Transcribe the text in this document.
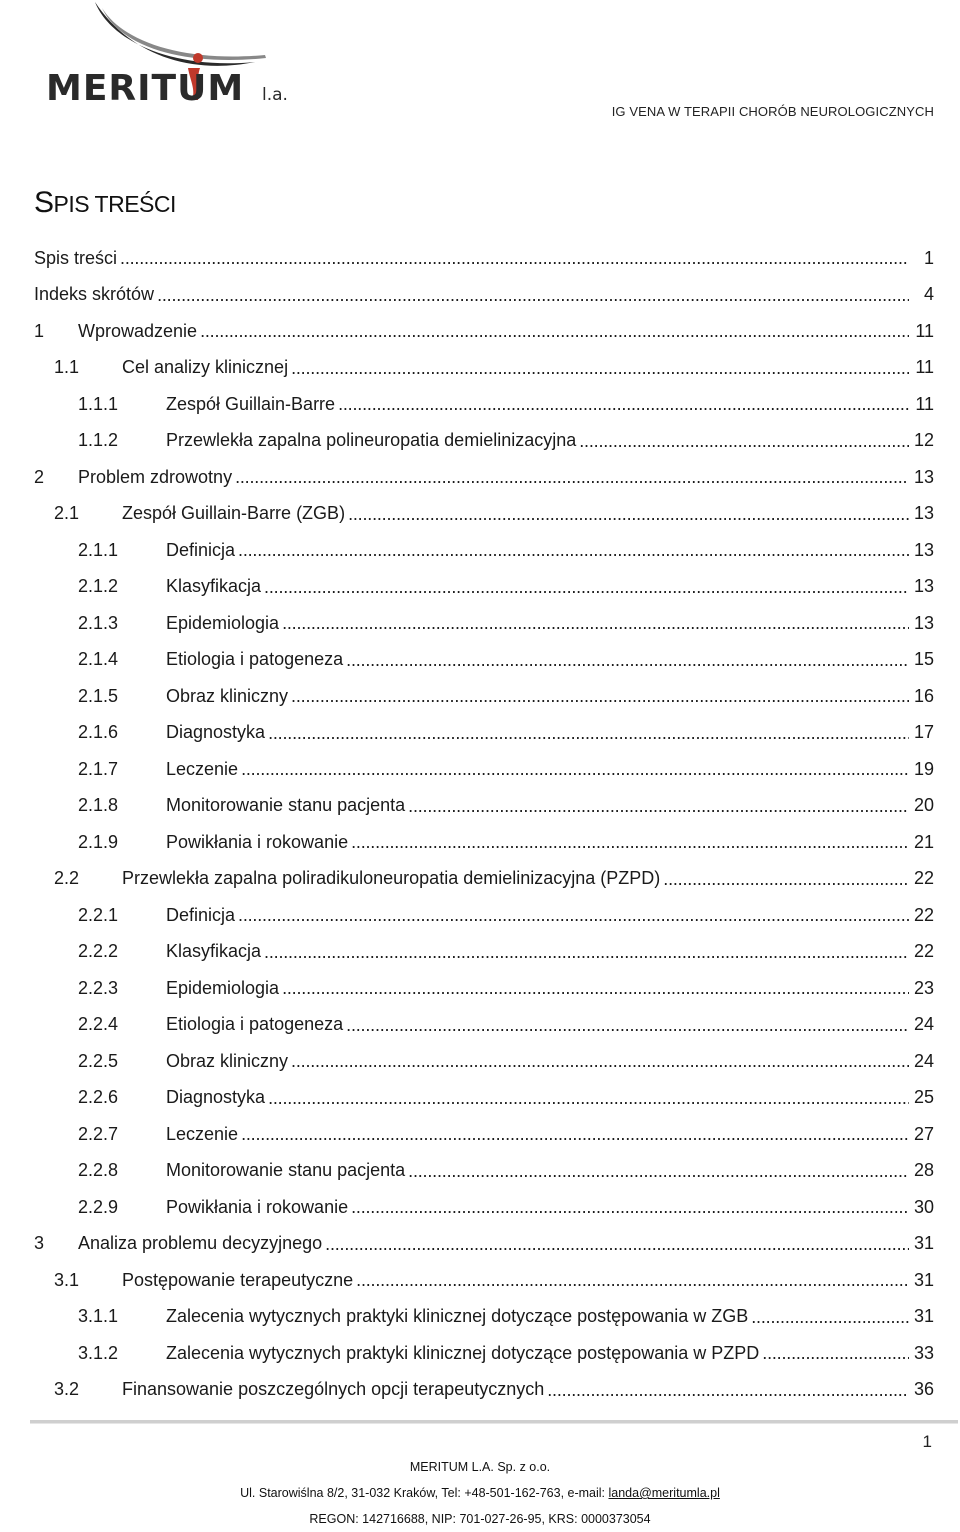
MERITUM l.a.
IG VENA W TERAPII CHORÓB NEUROLOGICZNYCH
SPIS TREŚCI
Spis treści . . .	1
Indeks skrótów . . .	4
1	Wprowadzenie . . .	11
1.1	Cel analizy klinicznej . . .	11
1.1.1	Zespół Guillain-Barre . . .	11
1.1.2	Przewlekła zapalna polineuropatia demielinizacyjna . . .	12
2	Problem zdrowotny . . .	13
2.1	Zespół Guillain-Barre (ZGB) . . .	13
2.1.1	Definicja . . .	13
2.1.2	Klasyfikacja . . .	13
2.1.3	Epidemiologia . . .	13
2.1.4	Etiologia i patogeneza . . .	15
2.1.5	Obraz kliniczny . . .	16
2.1.6	Diagnostyka . . .	17
2.1.7	Leczenie . . .	19
2.1.8	Monitorowanie stanu pacjenta . . .	20
2.1.9	Powikłania i rokowanie . . .	21
2.2	Przewlekła zapalna poliradikuloneuropatia demielinizacyjna (PZPD) . . .	22
2.2.1	Definicja . . .	22
2.2.2	Klasyfikacja . . .	22
2.2.3	Epidemiologia . . .	23
2.2.4	Etiologia i patogeneza . . .	24
2.2.5	Obraz kliniczny . . .	24
2.2.6	Diagnostyka . . .	25
2.2.7	Leczenie . . .	27
2.2.8	Monitorowanie stanu pacjenta . . .	28
2.2.9	Powikłania i rokowanie . . .	30
3	Analiza problemu decyzyjnego . . .	31
3.1	Postępowanie terapeutyczne . . .	31
3.1.1	Zalecenia wytycznych praktyki klinicznej dotyczące postępowania w ZGB . . .	31
3.1.2	Zalecenia wytycznych praktyki klinicznej dotyczące postępowania w PZPD . . .	33
3.2	Finansowanie poszczególnych opcji terapeutycznych . . .	36
1
MERITUM L.A. Sp. z o.o.
Ul. Starowiślna 8/2, 31-032 Kraków, Tel: +48-501-162-763, e-mail: landa@meritumla.pl
REGON: 142716688, NIP: 701-027-26-95, KRS: 0000373054
